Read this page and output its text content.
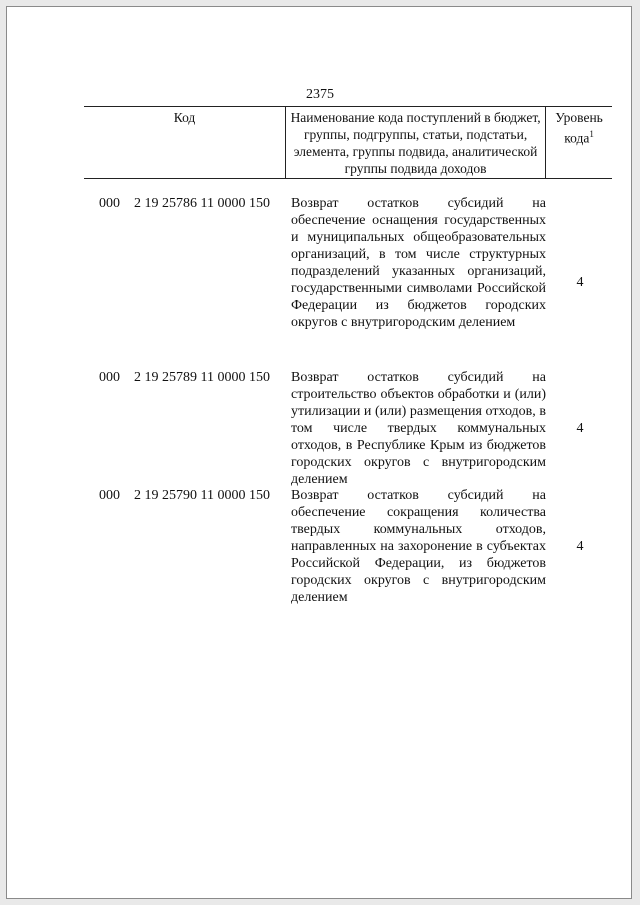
2375
Код	Наименование кода поступлений в бюджет, группы, подгруппы, статьи, подстатьи, элемента, группы подвида, аналитической группы подвида доходов	Уровень кода$^1$
000	2 19 25786 11 0000 150	Возврат остатков субсидий на обеспечение оснащения государственных и муниципальных общеобразовательных организаций, в том числе структурных подразделений указанных организаций, государственными символами Российской Федерации из бюджетов городских округов с внутригородским делением
4
000	2 19 25789 11 0000 150	Возврат остатков субсидий на строительство объектов обработки и (или) утилизации и (или) размещения отходов, в том числе твердых коммунальных отходов, в Республике Крым из бюджетов городских округов с внутригородским делением
4
000	2 19 25790 11 0000 150	Возврат остатков субсидий на обеспечение сокращения количества твердых коммунальных отходов, направленных на захоронение в субъектах Российской Федерации, из бюджетов городских округов с внутригородским делением
4
